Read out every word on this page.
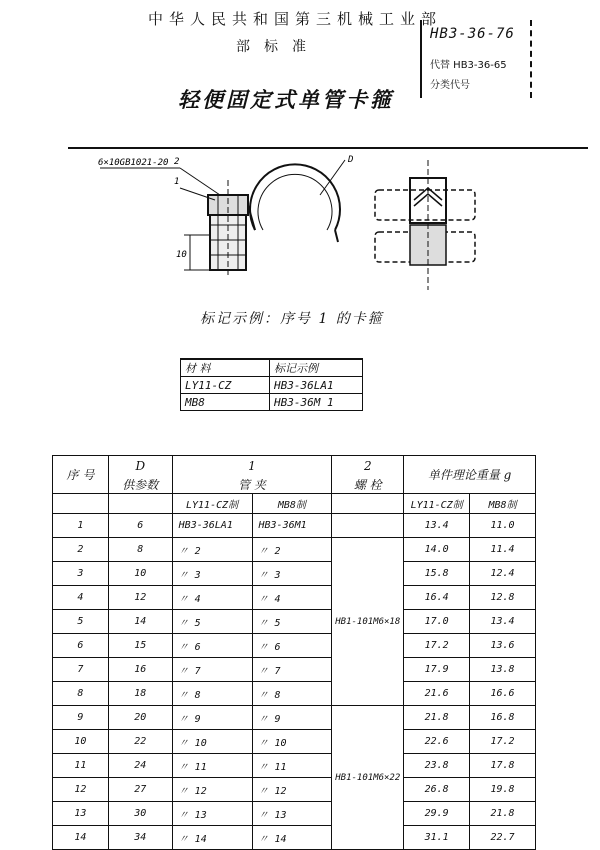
中华人民共和国第三机械工业部
部标准
轻便固定式单管卡箍
HB3-36-76
代替 HB3-36-65
分类代号
2
1
D
6×10GB1021-20
10
标记示例：序号 1 的卡箍
材 料	标记示例
LY11-CZ	HB3-36LA1
MB8	HB3-36M 1
序 号	D	1		2	单件理论重量 g	
	供参数	管 夹		螺 栓		
		LY11-CZ制	MB8制		LY11-CZ制	MB8制
1	6	HB3-36LA1	HB3-36M1		13.4	11.0
2	8	〃 2	〃 2	HB1-101M6×18	14.0	11.4
3	10	〃 3	〃 3		15.8	12.4
4	12	〃 4	〃 4		16.4	12.8
5	14	〃 5	〃 5		17.0	13.4
6	15	〃 6	〃 6		17.2	13.6
7	16	〃 7	〃 7		17.9	13.8
8	18	〃 8	〃 8		21.6	16.6
9	20	〃 9	〃 9	HB1-101M6×22	21.8	16.8
10	22	〃 10	〃 10		22.6	17.2
11	24	〃 11	〃 11		23.8	17.8
12	27	〃 12	〃 12		26.8	19.8
13	30	〃 13	〃 13		29.9	21.8
14	34	〃 14	〃 14		31.1	22.7
